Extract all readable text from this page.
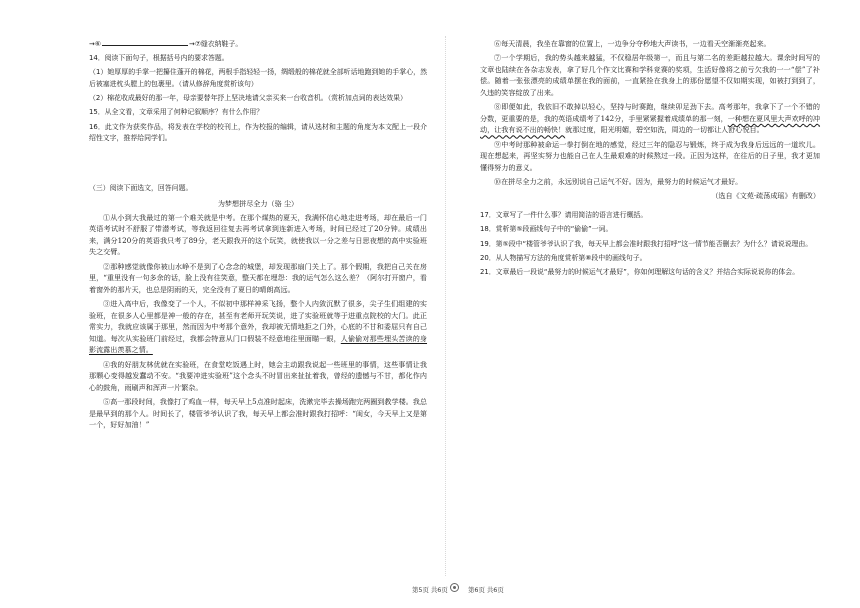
→⑥	→⑦缝衣纳鞋子。

14．阅读下面句子，根据括号内的要求答题。

（1）她厚厚的手掌一把攥住蓬开的棉花，两根手指轻轻一扬，绸缎般的棉花就全部听话地跑到她的手掌心，然后被塞进枕头膛上的包裹里。（请从修辞角度赏析该句）

（2）棉花收成最好的那一年，母亲要替年抒上坚决地请父亲买来一台收音机。（赏析加点词的表达效果）

15．从全文看，文章采用了何种记叙顺序？有什么作用？

16．此文作为获奖作品，将发表在学校的校刊上，作为校报的编辑，请从选材和主题的角度为本文配上一段介绍性文字，推荐给同学们。

（三）阅读下面选文，回答问题。

为梦想拼尽全力（骆 尘）

①从小到大我最过的第一个难关就是中考。在那个煤热的夏天，我满怀信心地走进考场，却在最后一门英语考试时不舒服了带潜考试，等我返回往复去再考试拿到连新进入考场，时间已经过了20分钟。成绩出来，满分120分的英语我只考了89分，老天跟我开的这个玩笑，就使我以一分之差与日思夜想的高中实验班失之交臂。

②那种感觉就像你被山水峥不是到了心念念的城堡，却发现那扇门关上了。那个假期，我把自己关在房里，“重里没有一句多余的话，脸上没有往笑意，整天都在埋怨：我的运气怎么这么差？（阿尔打开窗户，看着窗外的那片天，也总是阴雨的天，完全没有了夏日的晴朗高远。

③进入高中后，我像变了一个人，不似初中那样神采飞扬，整个人内敛沉默了很多，尖子生们组建的实验班，在很多人心里都是神一般的存在，甚至有老师开玩笑说，进了实验班就等于进重点院校的大门。此正常实力，我就应该属于那里，然而因为中考那个意外，我却被无情地拒之门外，心底的不甘和委屈只有自己知道。每次从实验班门前经过，我都会特意从门口假装不经意地往里面瞄一眼，人偷偷对那些埋头苦读的身影流露出羡慕之情。

④我的好朋友林优就在实验班，在食堂吃饭遇上时，她会主动跟我说起一些班里的事情，这些事情让我那颗心变得越发蠢动不安。“我要冲进实验班”这个念头不时冒出来扯扯着我，曾经的遗憾与不甘，都化作内心的鼓角，雨刷声和浑声一片繁杂。

⑤高一那段时间，我像打了鸡血一样，每天早上5点准时起床，洗漱完毕去操场跑完两圈到教学楼。我总是最早到的那个人。时间长了，楼管爷爷认识了我，每天早上都会准时跟我打招呼：“闺女，今天早上又是第一个，好好加油！”

⑥每天清晨，我坐在靠窗的位置上，一边争分夺秒地大声读书，一边看天空渐渐亮起来。

⑦一个学期后，我的势头越来越猛，不仅稳居年级第一，而且与第二名的差距越拉越大。课余时间写的文章也陆续在各杂志发表，拿了好几个作文比赛和学科竞赛的奖项，生活好像将之前亏欠我的一一“偿”了补偿。随着一张张漂亮的成绩单摆在我的面前，一直紧拴在我身上的那份愿望不仅如期实现，如被打到到了，久违的笑容绽放了出来。

⑧即便如此，我依旧不敢掉以轻心，坚持与时赛跑，继续卯足劲下去。高考那年，我拿下了一个不错的分数，更重要的是，我的英语成绩考了142分，手里紧紧握着成绩单的那一刻，一种想在夏风里大声欢呼的冲动，让我有说不出的畅快！就那过度，阳光明媚，碧空如洗，周边的一切都让人舒心悦目。

⑨中考时那种被命运一拳打倒在地的感觉，经过三年的隐忍与锻炼，终于成为我身后远远的一道坎儿。现在想起来，再坚实努力也能自己在人生最艰难的时候熬过一段。正因为这样，在往后的日子里，我才更加懂得努力的意义。

⑩在拼尽全力之前，永远别说自己运气不好。因为，最努力的时候运气才最好。

（选自《文苑·疏荡成瑶》有删改）

17．文章写了一件什么事？请用简洁的语言进行概括。

18．赏析第⑤段画线句子中的“偷偷”一词。

19．第⑤段中“楼管爷爷认识了我，每天早上都会准时跟我打招呼”这一情节能否删去？为什么？请说说理由。

20．从人物描写方法的角度赏析第⑧段中的画线句子。

21．文章最后一段说“最努力的时候运气才最好”，你如何理解这句话的含义？并结合实际说说你的体会。

第5页 共6页	第6页 共6页
